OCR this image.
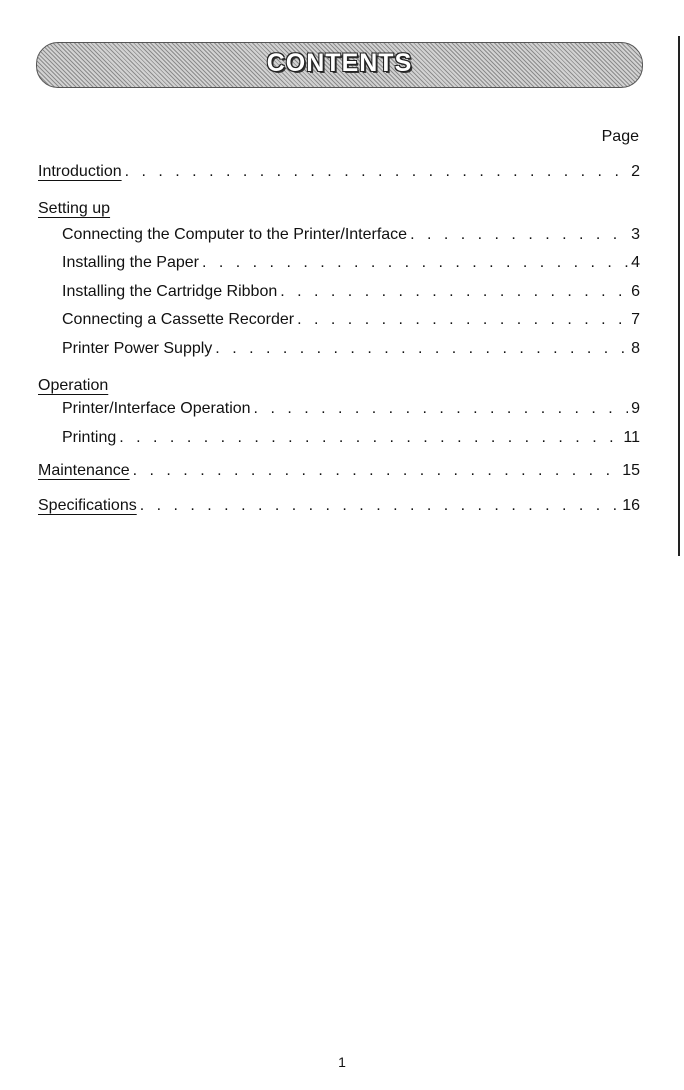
CONTENTS
Page
Introduction . . .	2
Setting up
Connecting the Computer to the Printer/Interface . . .	3
Installing the Paper . . .	4
Installing the Cartridge Ribbon . . .	6
Connecting a Cassette Recorder . . .	7
Printer Power Supply . . .	8
Operation
Printer/Interface Operation . . .	9
Printing . . .	11
Maintenance . . .	15
Specifications . . .	16
1
